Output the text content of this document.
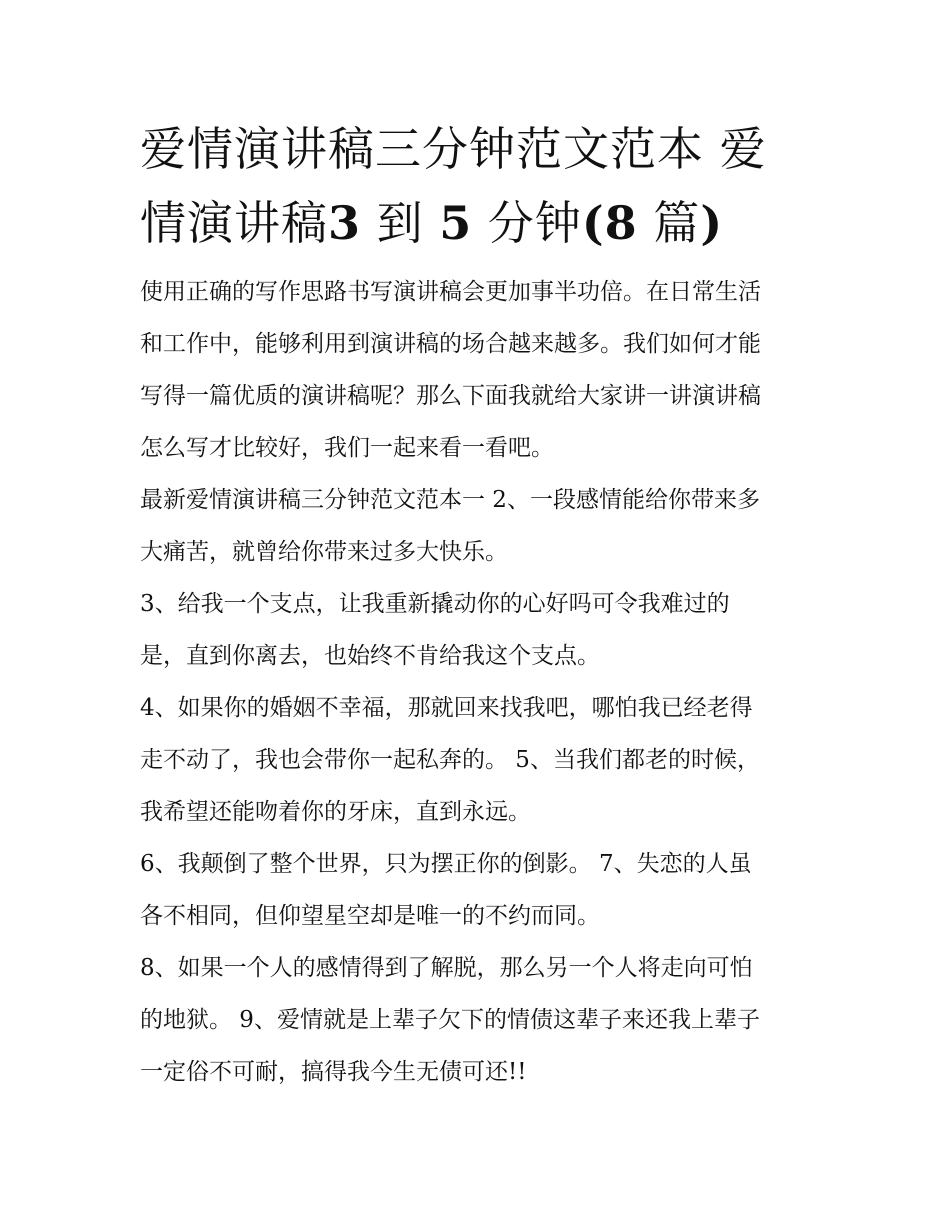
爱情演讲稿三分钟范文范本 爱
情演讲稿3 到 5 分钟(8 篇)

使用正确的写作思路书写演讲稿会更加事半功倍。在日常生活
和工作中，能够利用到演讲稿的场合越来越多。我们如何才能
写得一篇优质的演讲稿呢？那么下面我就给大家讲一讲演讲稿
怎么写才比较好，我们一起来看一看吧。

最新爱情演讲稿三分钟范文范本一 2、一段感情能给你带来多
大痛苦，就曾给你带来过多大快乐。

3、给我一个支点，让我重新撬动你的心好吗可令我难过的
是，直到你离去，也始终不肯给我这个支点。

4、如果你的婚姻不幸福，那就回来找我吧，哪怕我已经老得
走不动了，我也会带你一起私奔的。 5、当我们都老的时候，
我希望还能吻着你的牙床，直到永远。

6、我颠倒了整个世界，只为摆正你的倒影。 7、失恋的人虽
各不相同，但仰望星空却是唯一的不约而同。

8、如果一个人的感情得到了解脱，那么另一个人将走向可怕
的地狱。 9、爱情就是上辈子欠下的情债这辈子来还我上辈子
一定俗不可耐，搞得我今生无债可还!!
